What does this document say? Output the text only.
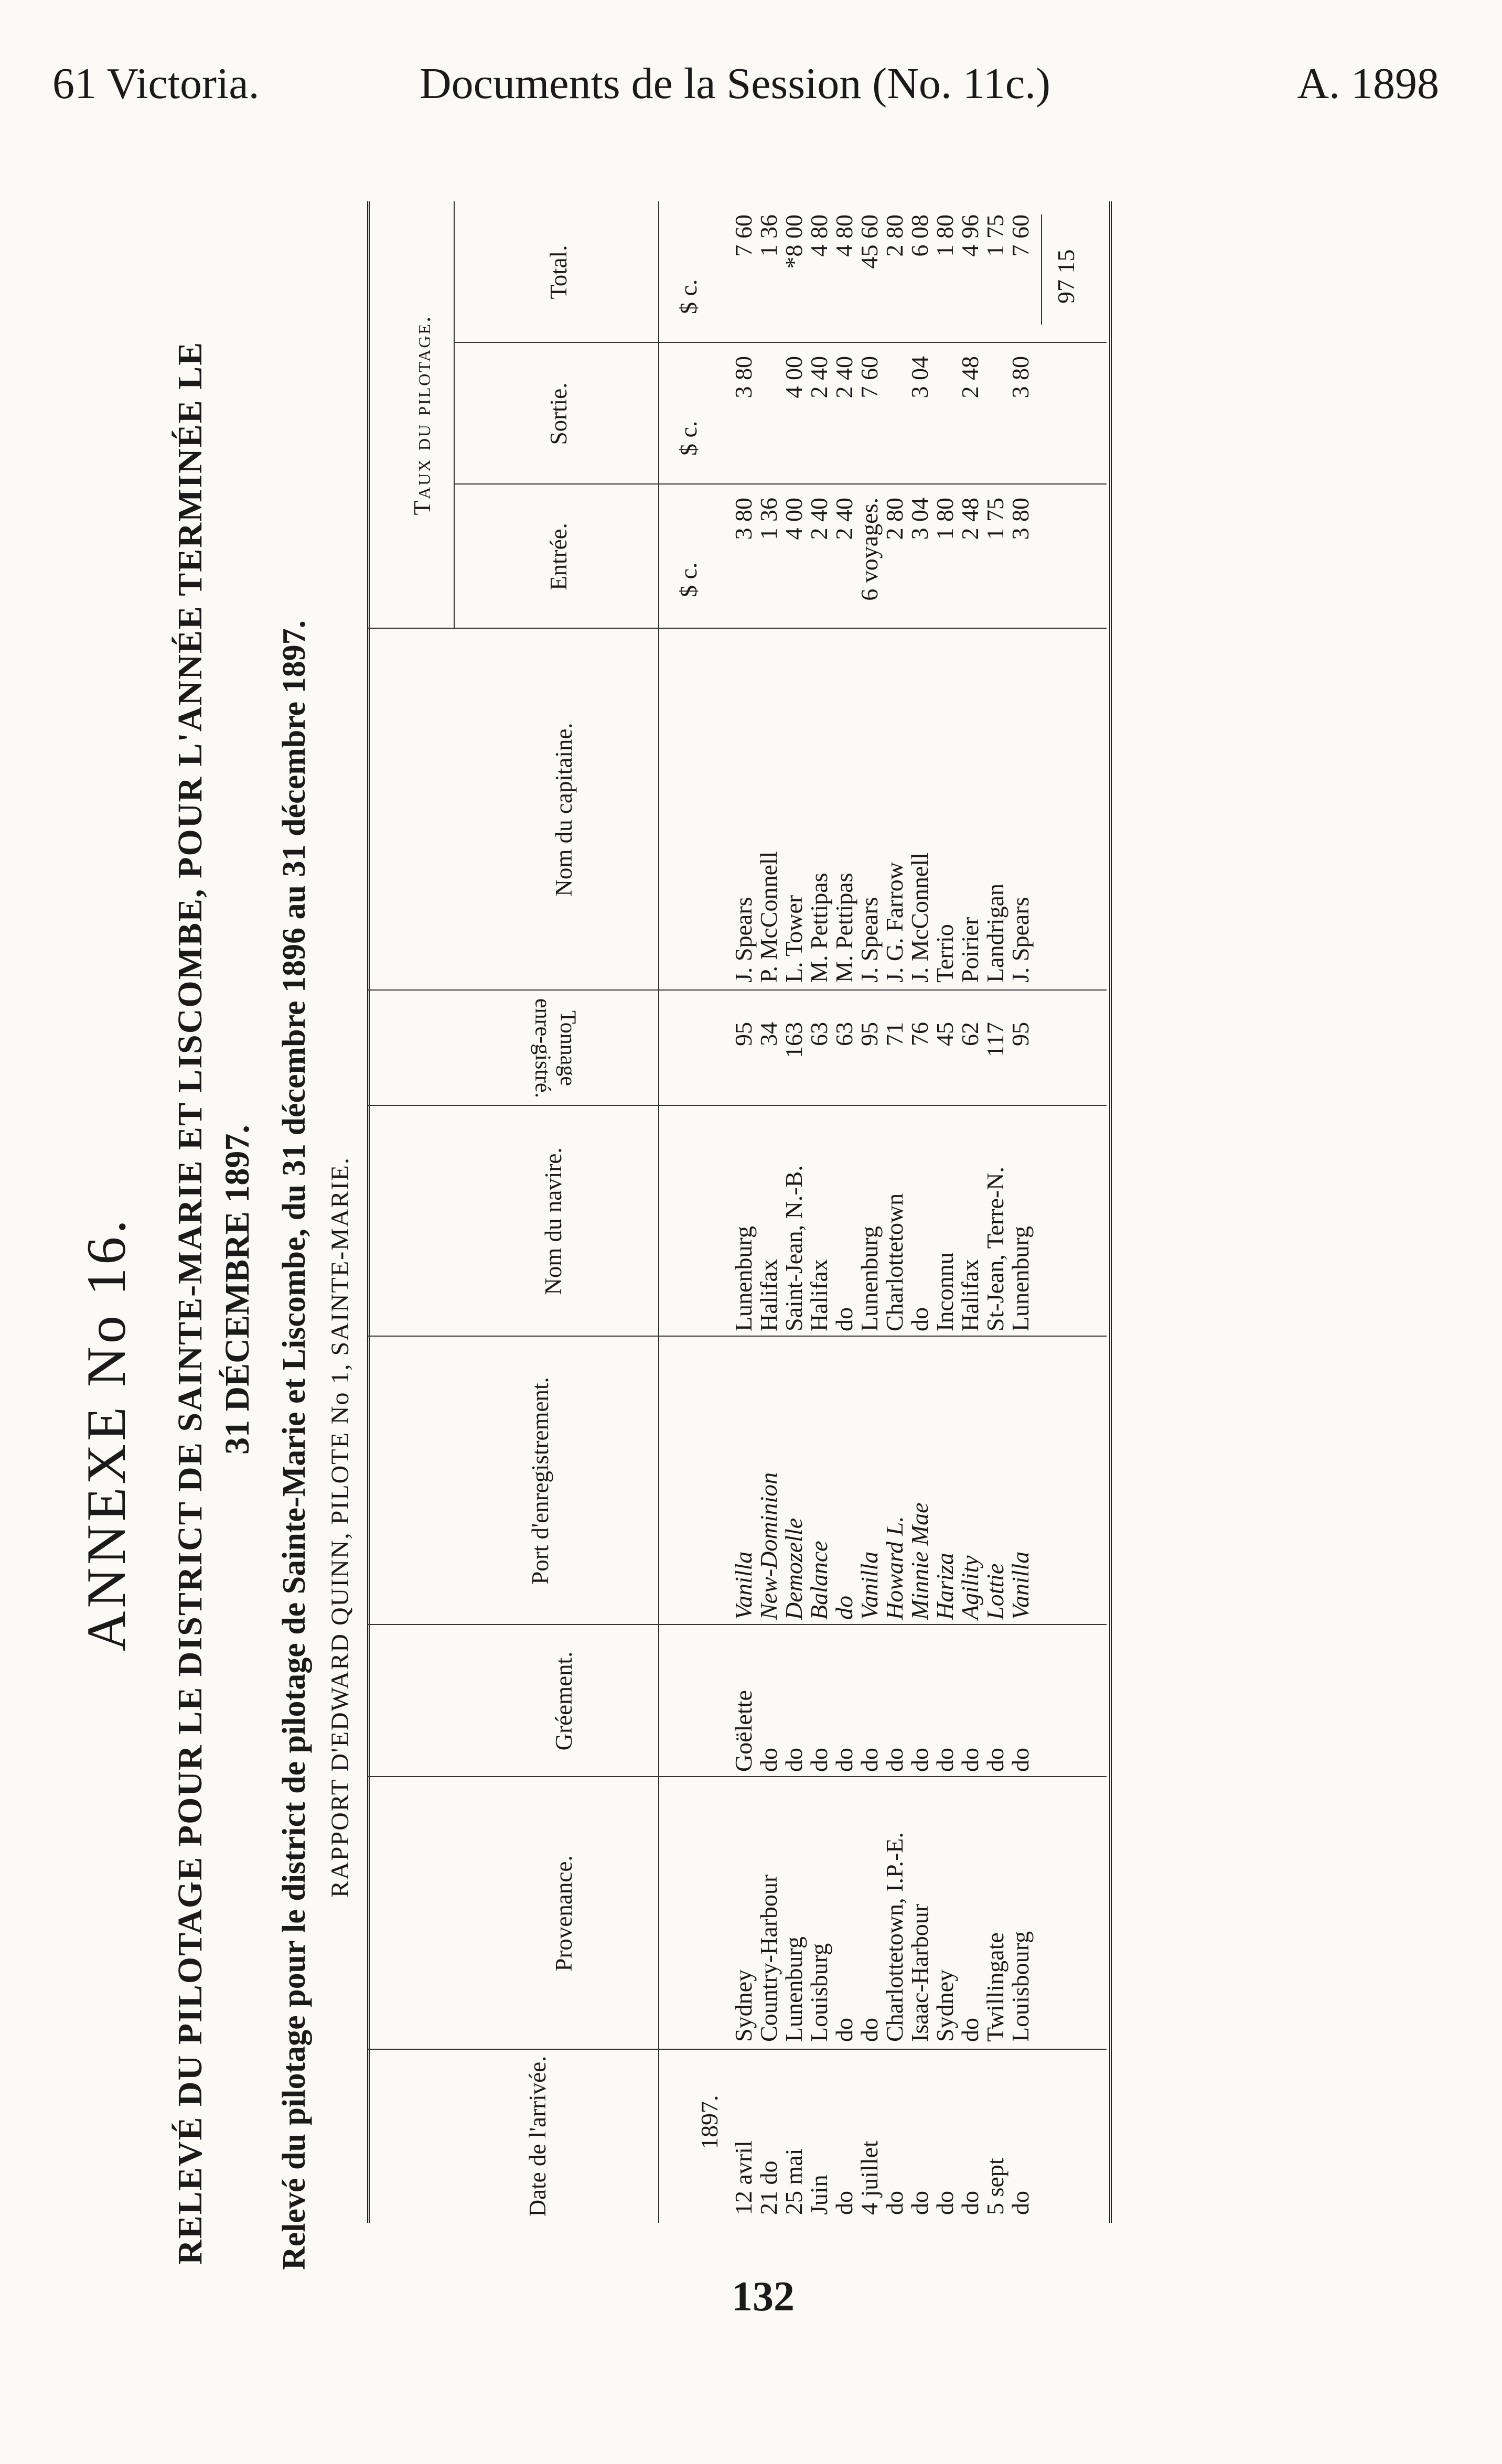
61 Victoria.	Documents de la Session (No. 11c.)	A. 1898
ANNEXE No 16. RELEVÉ DU PILOTAGE POUR LE DISTRICT DE SAINTE-MARIE ET LISCOMBE, POUR L'ANNÉE TERMINÉE LE 31 DÉCEMBRE 1897. Relevé du pilotage pour le district de pilotage de Sainte-Marie et Liscombe, du 31 décembre 1896 au 31 décembre 1897. RAPPORT D'EDWARD QUINN, PILOTE No 1, SAINTE-MARIE.
Date de l'arrivée.
Provenance.
Gréement.
Nom du navire.
Port d'enregistrement.
Tonnage enre-gistré.
Nom du capitaine.
Taux du pilotage.
Entrée.
Sortie.
Total.
$ c.
$ c.
$ c.
1897.
12 avril
Sydney
Goëlette
Vanilla
Lunenburg
95
J. Spears
3 80
3 80
7 60
21 do
Country-Harbour
do
New-Dominion
Halifax
34
P. McConnell
1 36
1 36
25 mai
Lunenburg
do
Demozelle
Saint-Jean, N.-B.
163
L. Tower
4 00
4 00
*8 00
Juin
Louisburg
do
Balance
Halifax
63
M. Pettipas
2 40
2 40
4 80
do
do
do
do
do
63
M. Pettipas
2 40
2 40
4 80
4 juillet
do
do
Vanilla
Lunenburg
95
J. Spears
6 voyages.
7 60
45 60
do
Charlottetown, I.P.-E.
do
Howard L.
Charlottetown
71
J. G. Farrow
2 80
2 80
do
Isaac-Harbour
do
Minnie Mae
do
76
J. McConnell
3 04
3 04
6 08
do
Sydney
do
Hariza
Inconnu
45
Terrio
1 80
1 80
do
do
do
Agility
Halifax
62
Poirier
2 48
2 48
4 96
5 sept
Twillingate
do
Lottie
St-Jean, Terre-N.
117
Landrigan
1 75
1 75
do
Louisbourg
do
Vanilla
Lunenburg
95
J. Spears
3 80
3 80
7 60
97 15
132
